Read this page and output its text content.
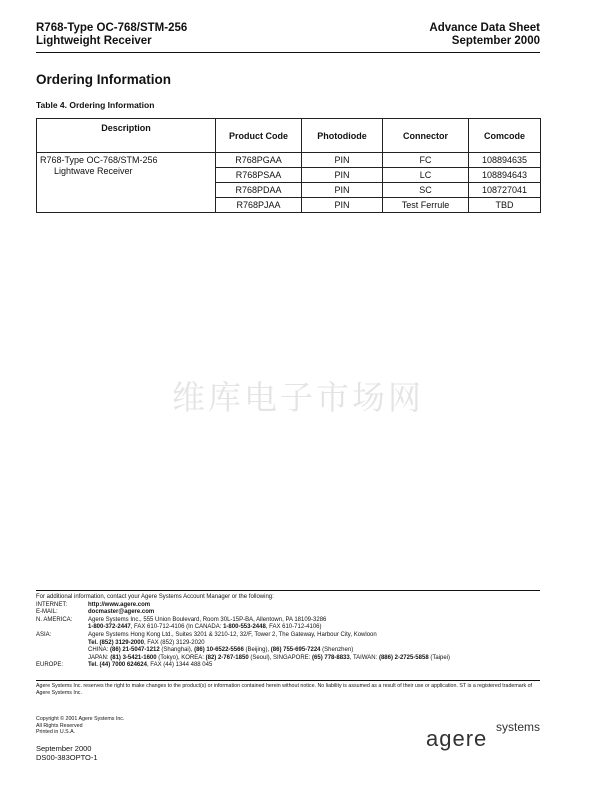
R768-Type OC-768/STM-256
Lightweight Receiver
Advance Data Sheet
September 2000
Ordering Information
Table 4. Ordering Information
Description	Product Code	Photodiode	Connector	Comcode
R768-Type OC-768/STM-256
Lightwave Receiver	R768PGAA	PIN	FC	108894635
	R768PSAA	PIN	LC	108894643
	R768PDAA	PIN	SC	108727041
	R768PJAA	PIN	Test Ferrule	TBD
维库电子市场网
For additional information, contact your Agere Systems Account Manager or the following:
INTERNET:	http://www.agere.com
E-MAIL:	docmaster@agere.com
N. AMERICA:	Agere Systems Inc., 555 Union Boulevard, Room 30L-15P-BA, Allentown, PA 18109-3286
1-800-372-2447, FAX 610-712-4106 (In CANADA: 1-800-553-2448, FAX 610-712-4106)
ASIA:	Agere Systems Hong Kong Ltd., Suites 3201 & 3210-12, 32/F, Tower 2, The Gateway, Harbour City, Kowloon
Tel. (852) 3129-2000, FAX (852) 3129-2020
CHINA: (86) 21-5047-1212 (Shanghai), (86) 10-6522-5566 (Beijing), (86) 755-695-7224 (Shenzhen)
JAPAN: (81) 3-5421-1600 (Tokyo), KOREA: (82) 2-767-1850 (Seoul), SINGAPORE: (65) 778-8833, TAIWAN: (886) 2-2725-5858 (Taipei)
EUROPE:	Tel. (44) 7000 624624, FAX (44) 1344 488 045
Agere Systems Inc. reserves the right to make changes to the product(s) or information contained herein without notice. No liability is assumed as a result of their use or application. ST is a registered trademark of Agere Systems Inc.
Copyright © 2001 Agere Systems Inc.
All Rights Reserved
Printed in U.S.A.
September 2000
DS00-383OPTO-1
systems
agere
